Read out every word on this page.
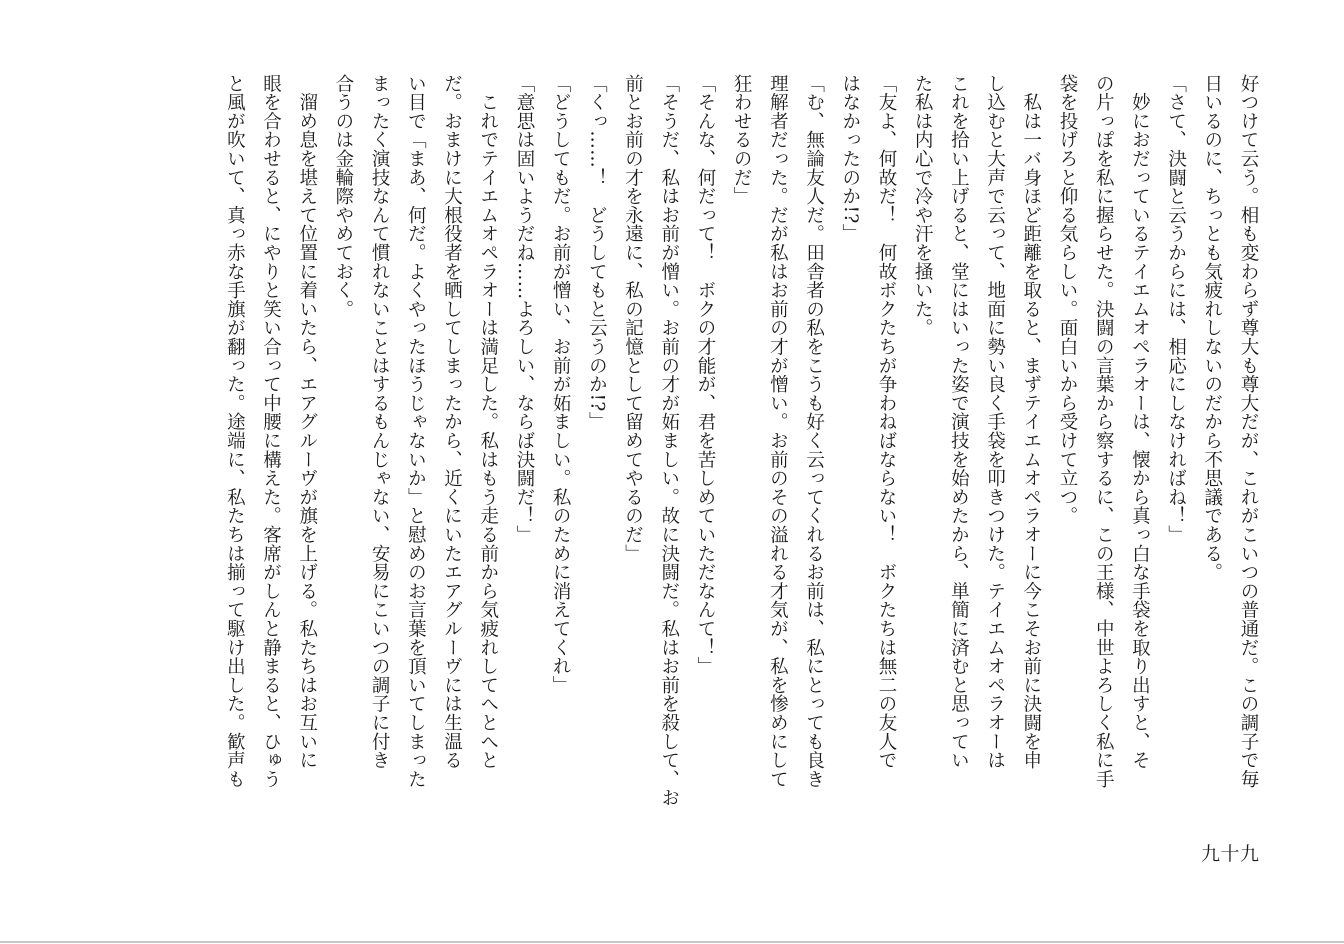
好つけて云う。相も変わらず尊大も尊大だが、これがこいつの普通だ。この調子で毎

日いるのに、ちっとも気疲れしないのだから不思議である。

「さて、決闘と云うからには、相応にしなければね！」

　妙におだっているテイエムオペラオーは、懐から真っ白な手袋を取り出すと、そ

の片っぽを私に握らせた。決闘の言葉から察するに、この王様、中世よろしく私に手

袋を投げろと仰る気らしい。面白いから受けて立つ。

　私は一バ身ほど距離を取ると、まずテイエムオペラオーに今こそお前に決闘を申

し込むと大声で云って、地面に勢い良く手袋を叩きつけた。テイエムオペラオーは

これを拾い上げると、堂にはいった姿で演技を始めたから、単簡に済むと思ってい

た私は内心で冷や汗を掻いた。

「友よ、何故だ！　何故ボクたちが争わねばならない！　ボクたちは無二の友人で

はなかったのか!?」

「む、無論友人だ。田舎者の私をこうも好く云ってくれるお前は、私にとっても良き

理解者だった。だが私はお前の才が憎い。お前のその溢れる才気が、私を惨めにして

狂わせるのだ」

「そんな、何だって！　ボクの才能が、君を苦しめていただなんて！」

「そうだ、私はお前が憎い。お前の才が妬ましい。故に決闘だ。私はお前を殺して、お

前とお前の才を永遠に、私の記憶として留めてやるのだ」

「くっ……！　どうしてもと云うのか!?」

「どうしてもだ。お前が憎い、お前が妬ましい。私のために消えてくれ」

「意思は固いようだね……よろしい、ならば決闘だ！」

　これでテイエムオペラオーは満足した。私はもう走る前から気疲れしてへとへと

だ。おまけに大根役者を晒してしまったから、近くにいたエアグルーヴには生温る

い目で「まあ、何だ。よくやったほうじゃないか」と慰めのお言葉を頂いてしまった

まったく演技なんて慣れないことはするもんじゃない、安易にこいつの調子に付き

合うのは金輪際やめておく。

　溜め息を堪えて位置に着いたら、エアグルーヴが旗を上げる。私たちはお互いに

眼を合わせると、にやりと笑い合って中腰に構えた。客席がしんと静まると、ひゅう

と風が吹いて、真っ赤な手旗が翻った。途端に、私たちは揃って駆け出した。歓声も

九十九
